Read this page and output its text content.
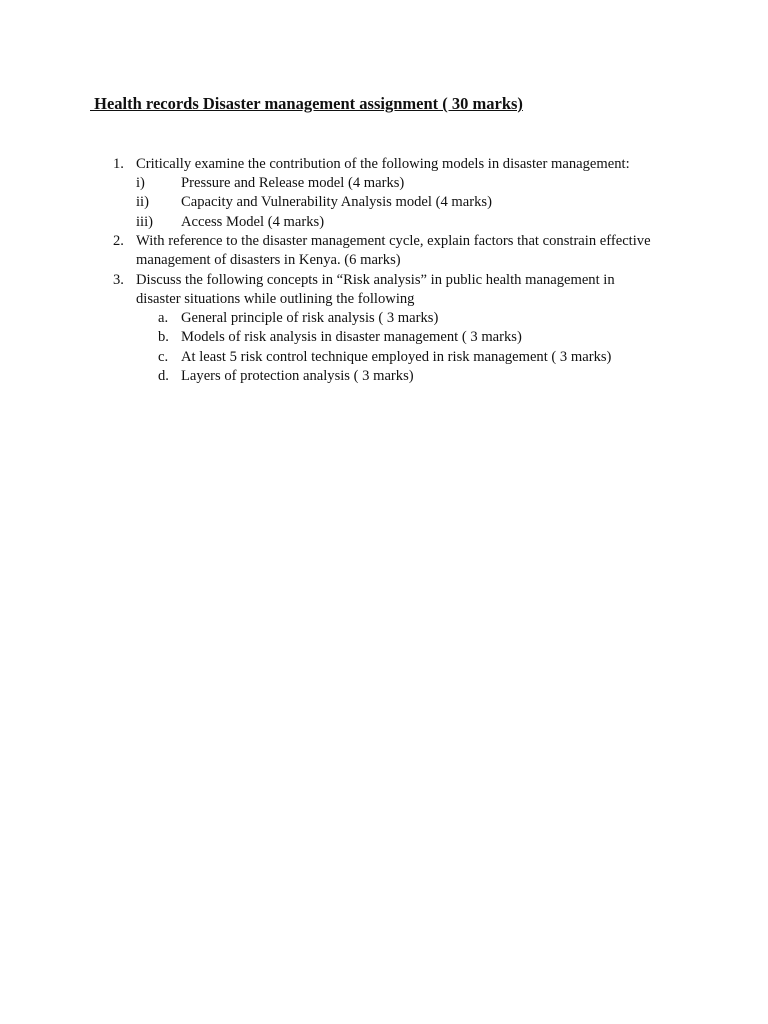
Health records Disaster management assignment ( 30 marks)
1. Critically examine the contribution of the following models in disaster management:
i) Pressure and Release model (4 marks)
ii) Capacity and Vulnerability Analysis model (4 marks)
iii) Access Model (4 marks)
2. With reference to the disaster management cycle, explain factors that constrain effective
management of disasters in Kenya. (6 marks)
3. Discuss the following concepts in “Risk analysis” in public health management in
disaster situations while outlining the following
a. General principle of risk analysis ( 3 marks)
b. Models of risk analysis in disaster management ( 3 marks)
c. At least 5 risk control technique employed in risk management ( 3 marks)
d. Layers of protection analysis ( 3 marks)
